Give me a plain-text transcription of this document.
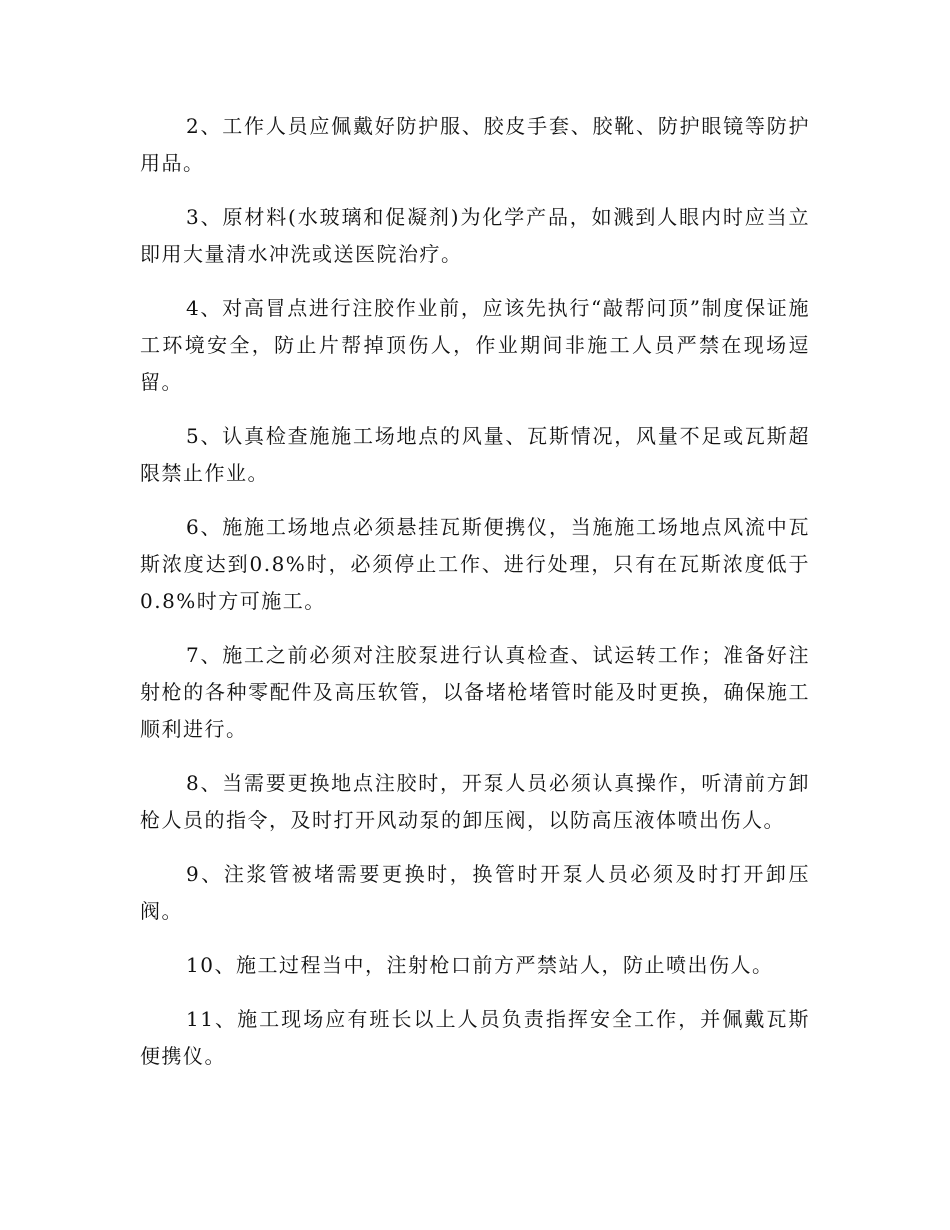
2、工作人员应佩戴好防护服、胶皮手套、胶靴、防护眼镜等防护用品。

3、原材料(水玻璃和促凝剂)为化学产品，如溅到人眼内时应当立即用大量清水冲洗或送医院治疗。

4、对高冒点进行注胶作业前，应该先执行“敲帮问顶”制度保证施工环境安全，防止片帮掉顶伤人，作业期间非施工人员严禁在现场逗留。

5、认真检查施施工场地点的风量、瓦斯情况，风量不足或瓦斯超限禁止作业。

6、施施工场地点必须悬挂瓦斯便携仪，当施施工场地点风流中瓦斯浓度达到0.8%时，必须停止工作、进行处理，只有在瓦斯浓度低于0.8%时方可施工。

7、施工之前必须对注胶泵进行认真检查、试运转工作；准备好注射枪的各种零配件及高压软管，以备堵枪堵管时能及时更换，确保施工顺利进行。

8、当需要更换地点注胶时，开泵人员必须认真操作，听清前方卸枪人员的指令，及时打开风动泵的卸压阀，以防高压液体喷出伤人。

9、注浆管被堵需要更换时，换管时开泵人员必须及时打开卸压阀。

10、施工过程当中，注射枪口前方严禁站人，防止喷出伤人。

11、施工现场应有班长以上人员负责指挥安全工作，并佩戴瓦斯便携仪。
